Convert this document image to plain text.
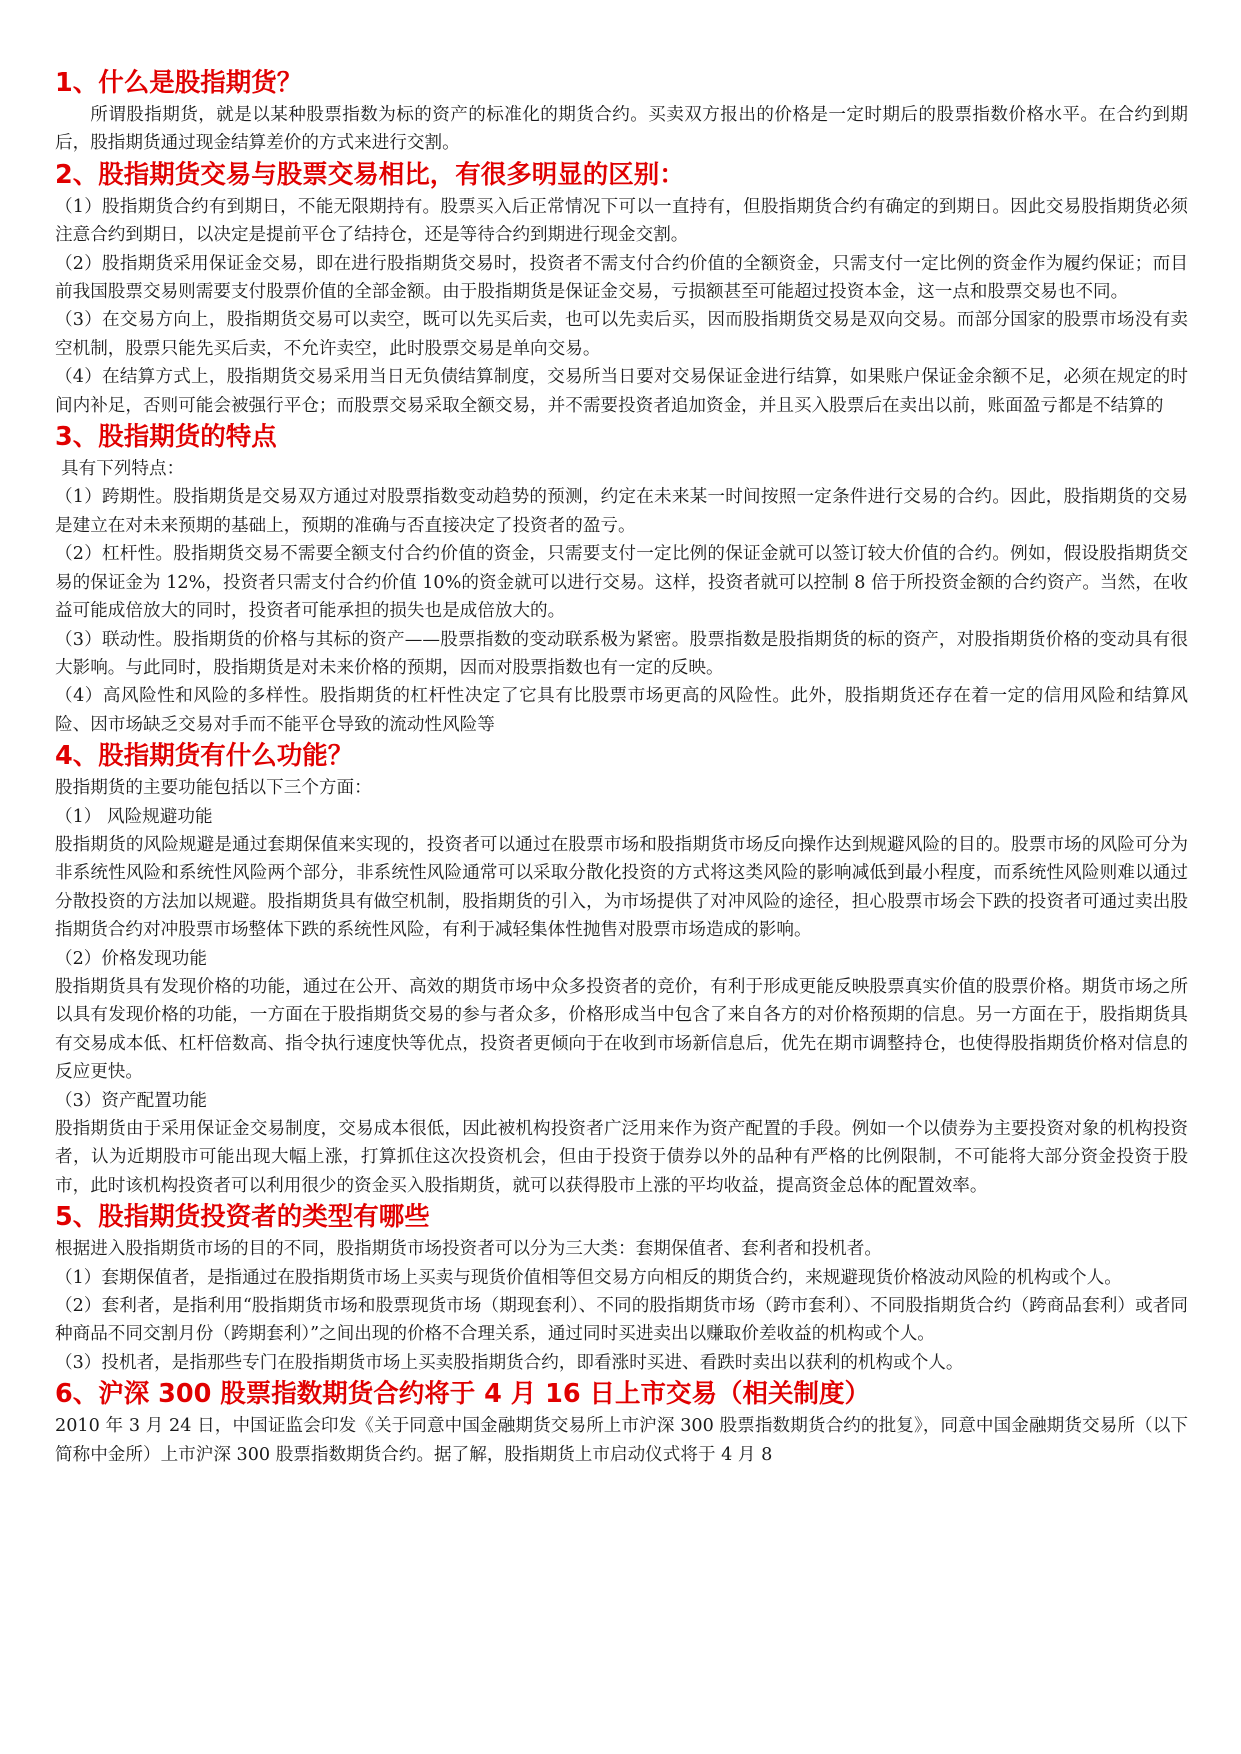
1、什么是股指期货？

所谓股指期货，就是以某种股票指数为标的资产的标准化的期货合约。买卖双方报出的价格是一定时期后的股票指数价格水平。在合约到期后，股指期货通过现金结算差价的方式来进行交割。

2、股指期货交易与股票交易相比，有很多明显的区别：

（1）股指期货合约有到期日，不能无限期持有。股票买入后正常情况下可以一直持有，但股指期货合约有确定的到期日。因此交易股指期货必须注意合约到期日，以决定是提前平仓了结持仓，还是等待合约到期进行现金交割。

（2）股指期货采用保证金交易，即在进行股指期货交易时，投资者不需支付合约价值的全额资金，只需支付一定比例的资金作为履约保证；而目前我国股票交易则需要支付股票价值的全部金额。由于股指期货是保证金交易，亏损额甚至可能超过投资本金，这一点和股票交易也不同。

（3）在交易方向上，股指期货交易可以卖空，既可以先买后卖，也可以先卖后买，因而股指期货交易是双向交易。而部分国家的股票市场没有卖空机制，股票只能先买后卖，不允许卖空，此时股票交易是单向交易。

（4）在结算方式上，股指期货交易采用当日无负债结算制度，交易所当日要对交易保证金进行结算，如果账户保证金余额不足，必须在规定的时间内补足，否则可能会被强行平仓；而股票交易采取全额交易，并不需要投资者追加资金，并且买入股票后在卖出以前，账面盈亏都是不结算的

3、股指期货的特点

具有下列特点：

（1）跨期性。股指期货是交易双方通过对股票指数变动趋势的预测，约定在未来某一时间按照一定条件进行交易的合约。因此，股指期货的交易是建立在对未来预期的基础上，预期的准确与否直接决定了投资者的盈亏。

（2）杠杆性。股指期货交易不需要全额支付合约价值的资金，只需要支付一定比例的保证金就可以签订较大价值的合约。例如，假设股指期货交易的保证金为 12%，投资者只需支付合约价值 10%的资金就可以进行交易。这样，投资者就可以控制 8 倍于所投资金额的合约资产。当然，在收益可能成倍放大的同时，投资者可能承担的损失也是成倍放大的。

（3）联动性。股指期货的价格与其标的资产——股票指数的变动联系极为紧密。股票指数是股指期货的标的资产，对股指期货价格的变动具有很大影响。与此同时，股指期货是对未来价格的预期，因而对股票指数也有一定的反映。

（4）高风险性和风险的多样性。股指期货的杠杆性决定了它具有比股票市场更高的风险性。此外，股指期货还存在着一定的信用风险和结算风险、因市场缺乏交易对手而不能平仓导致的流动性风险等

4、股指期货有什么功能？

股指期货的主要功能包括以下三个方面：

（1） 风险规避功能

股指期货的风险规避是通过套期保值来实现的，投资者可以通过在股票市场和股指期货市场反向操作达到规避风险的目的。股票市场的风险可分为非系统性风险和系统性风险两个部分，非系统性风险通常可以采取分散化投资的方式将这类风险的影响减低到最小程度，而系统性风险则难以通过分散投资的方法加以规避。股指期货具有做空机制，股指期货的引入，为市场提供了对冲风险的途径，担心股票市场会下跌的投资者可通过卖出股指期货合约对冲股票市场整体下跌的系统性风险，有利于减轻集体性抛售对股票市场造成的影响。

（2）价格发现功能

股指期货具有发现价格的功能，通过在公开、高效的期货市场中众多投资者的竞价，有利于形成更能反映股票真实价值的股票价格。期货市场之所以具有发现价格的功能，一方面在于股指期货交易的参与者众多，价格形成当中包含了来自各方的对价格预期的信息。另一方面在于，股指期货具有交易成本低、杠杆倍数高、指令执行速度快等优点，投资者更倾向于在收到市场新信息后，优先在期市调整持仓，也使得股指期货价格对信息的反应更快。

（3）资产配置功能

股指期货由于采用保证金交易制度，交易成本很低，因此被机构投资者广泛用来作为资产配置的手段。例如一个以债券为主要投资对象的机构投资者，认为近期股市可能出现大幅上涨，打算抓住这次投资机会，但由于投资于债券以外的品种有严格的比例限制，不可能将大部分资金投资于股市，此时该机构投资者可以利用很少的资金买入股指期货，就可以获得股市上涨的平均收益，提高资金总体的配置效率。

5、股指期货投资者的类型有哪些

根据进入股指期货市场的目的不同，股指期货市场投资者可以分为三大类：套期保值者、套利者和投机者。

（1）套期保值者，是指通过在股指期货市场上买卖与现货价值相等但交易方向相反的期货合约，来规避现货价格波动风险的机构或个人。

（2）套利者，是指利用“股指期货市场和股票现货市场（期现套利）、不同的股指期货市场（跨市套利）、不同股指期货合约（跨商品套利）或者同种商品不同交割月份（跨期套利）”之间出现的价格不合理关系，通过同时买进卖出以赚取价差收益的机构或个人。

（3）投机者，是指那些专门在股指期货市场上买卖股指期货合约，即看涨时买进、看跌时卖出以获利的机构或个人。

6、沪深 300 股票指数期货合约将于 4 月 16 日上市交易（相关制度）

2010 年 3 月 24 日，中国证监会印发《关于同意中国金融期货交易所上市沪深 300 股票指数期货合约的批复》，同意中国金融期货交易所（以下简称中金所）上市沪深 300 股票指数期货合约。据了解，股指期货上市启动仪式将于 4 月 8
